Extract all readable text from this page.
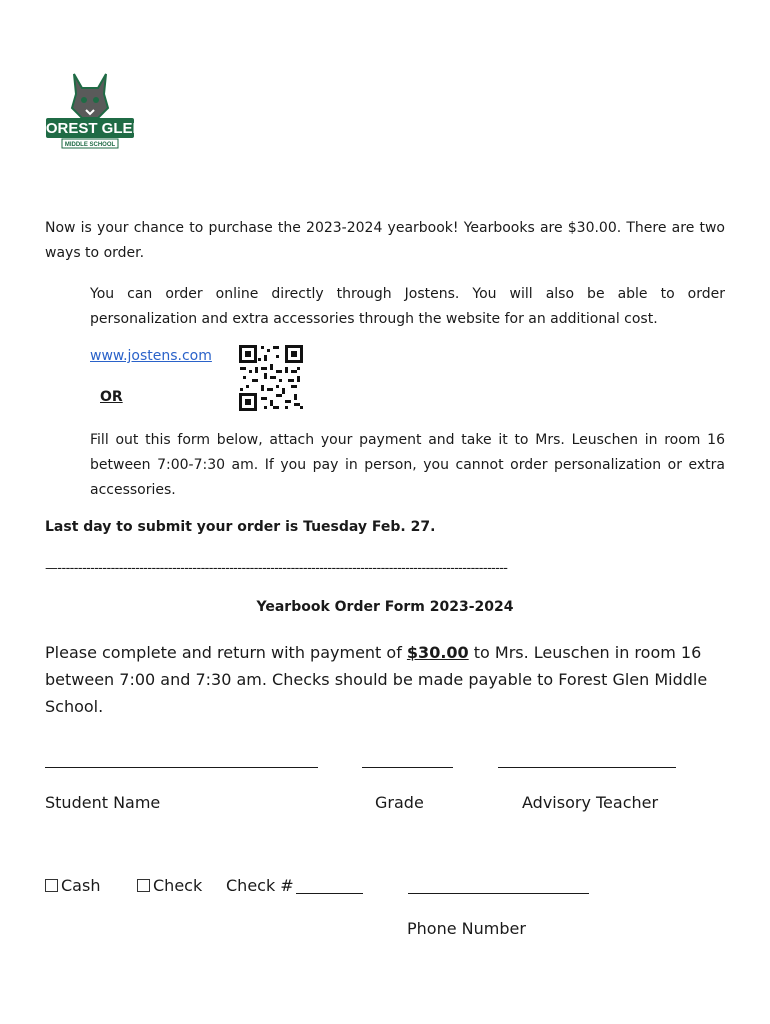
FOREST GLEN
MIDDLE SCHOOL
Now is your chance to purchase the 2023-2024 yearbook! Yearbooks are $30.00. There are two ways to order.
You can order online directly through Jostens. You will also be able to order personalization and extra accessories through the website for an additional cost.
www.jostens.com
OR
Fill out this form below, attach your payment and take it to Mrs. Leuschen in room 16 between 7:00-7:30 am. If you pay in person, you cannot order personalization or extra accessories.
Last day to submit your order is Tuesday Feb. 27.
—--------------------------------------------------------------------------------------------------------------
Yearbook Order Form 2023-2024
Please complete and return with payment of $30.00 to Mrs. Leuschen in room 16 between 7:00 and 7:30 am. Checks should be made payable to Forest Glen Middle School.
Student Name	Grade	Advisory Teacher
Cash	Check Check #
Phone Number
